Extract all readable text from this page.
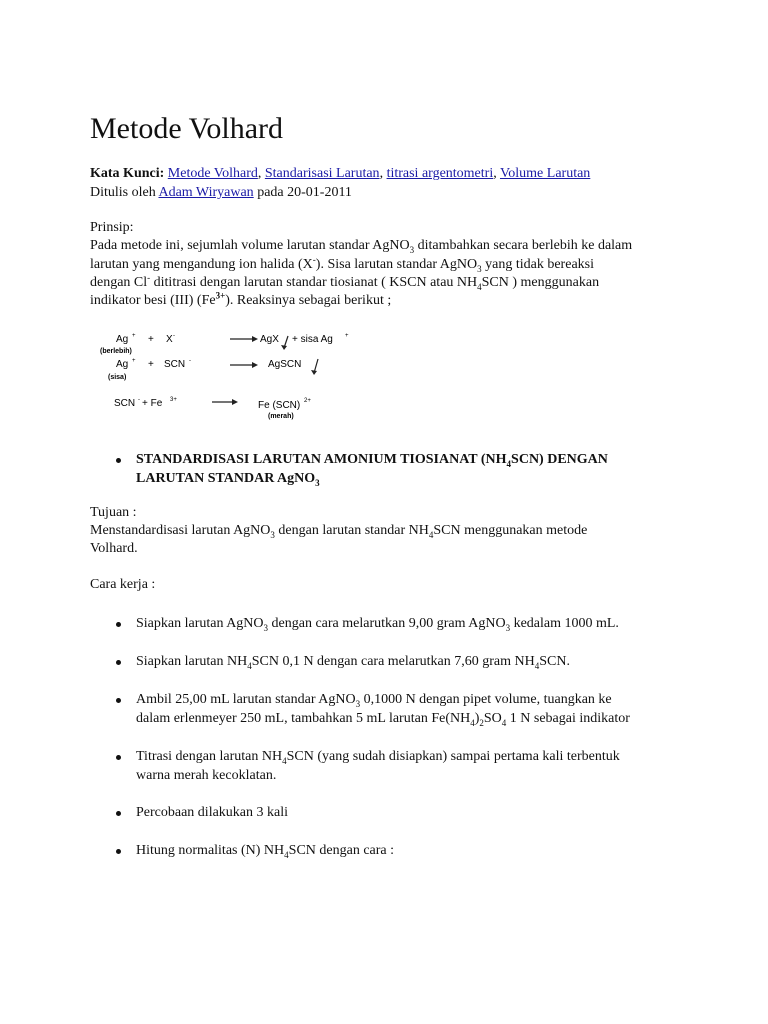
Metode Volhard
Kata Kunci: Metode Volhard, Standarisasi Larutan, titrasi argentometri, Volume Larutan
Ditulis oleh Adam Wiryawan pada 20-01-2011
Prinsip:
Pada metode ini, sejumlah volume larutan standar AgNO$_3$ ditambahkan secara berlebih ke dalam
larutan yang mengandung ion halida (X-). Sisa larutan standar AgNO$_3$ yang tidak bereaksi
dengan Cl- dititrasi dengan larutan standar tiosianat ( KSCN atau $NH_4SCN$ ) menggunakan
indikator besi (III) $(Fe^{3+})$. Reaksinya sebagai berikut ;
Ag + + X -
(berlebih)
AgX + sisa Ag +
Ag + + SCN -
(sisa)
AgSCN
SCN - + Fe 3+	Fe (SCN) 2+
(merah)
STANDARDISASI LARUTAN AMONIUM TIOSIANAT $(NH_4SCN)$ DENGAN
LARUTAN STANDAR AgNO$_3$
Tujuan :
Menstandardisasi larutan AgNO$_3$ dengan larutan standar $NH_4SCN$ menggunakan metode
Volhard.
Cara kerja :
Siapkan larutan AgNO$_3$ dengan cara melarutkan 9,00 gram AgNO$_3$ kedalam 1000 mL.
Siapkan larutan $NH_4SCN$ 0,1 N dengan cara melarutkan 7,60 gram $NH_4SCN$.
Ambil 25,00 mL larutan standar AgNO$_3$ 0,1000 N dengan pipet volume, tuangkan ke
dalam erlenmeyer 250 mL, tambahkan 5 mL larutan $Fe(NH_4)_2SO_4$ 1 N sebagai indikator
Titrasi dengan larutan $NH_4SCN$ (yang sudah disiapkan) sampai pertama kali terbentuk
warna merah kecoklatan.
Percobaan dilakukan 3 kali
Hitung normalitas (N) $NH_4SCN$ dengan cara :
